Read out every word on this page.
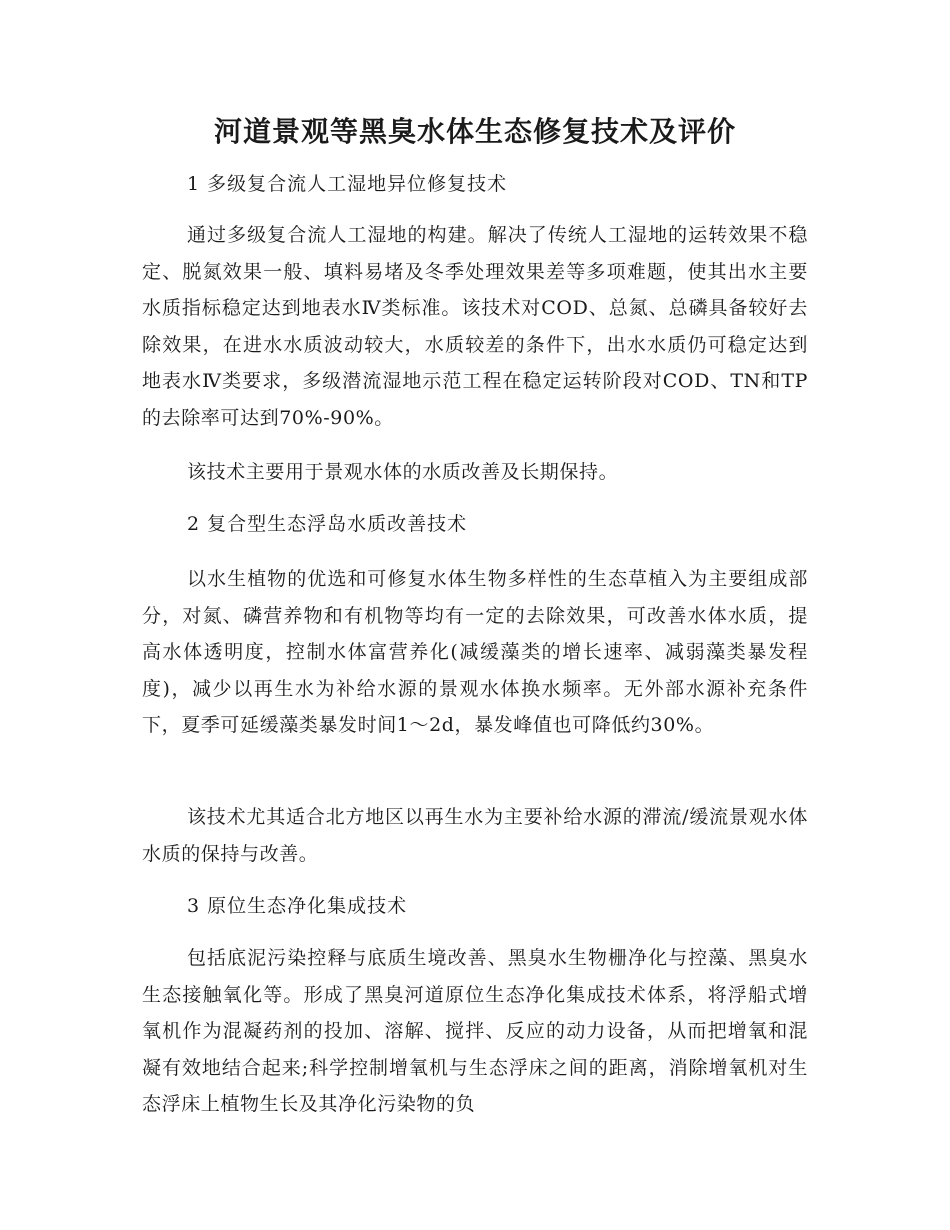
河道景观等黑臭水体生态修复技术及评价
1 多级复合流人工湿地异位修复技术

通过多级复合流人工湿地的构建。解决了传统人工湿地的运转效果不稳定、脱氮效果一般、填料易堵及冬季处理效果差等多项难题，使其出水主要水质指标稳定达到地表水Ⅳ类标准。该技术对COD、总氮、总磷具备较好去除效果，在进水水质波动较大，水质较差的条件下，出水水质仍可稳定达到地表水Ⅳ类要求，多级潜流湿地示范工程在稳定运转阶段对COD、TN和TP的去除率可达到70%-90%。

该技术主要用于景观水体的水质改善及长期保持。

2 复合型生态浮岛水质改善技术

以水生植物的优选和可修复水体生物多样性的生态草植入为主要组成部分，对氮、磷营养物和有机物等均有一定的去除效果，可改善水体水质，提高水体透明度，控制水体富营养化(减缓藻类的增长速率、减弱藻类暴发程度)，减少以再生水为补给水源的景观水体换水频率。无外部水源补充条件下，夏季可延缓藻类暴发时间1～2d，暴发峰值也可降低约30%。

该技术尤其适合北方地区以再生水为主要补给水源的滞流/缓流景观水体水质的保持与改善。

3 原位生态净化集成技术

包括底泥污染控释与底质生境改善、黑臭水生物栅净化与控藻、黑臭水生态接触氧化等。形成了黑臭河道原位生态净化集成技术体系，将浮船式增氧机作为混凝药剂的投加、溶解、搅拌、反应的动力设备，从而把增氧和混凝有效地结合起来;科学控制增氧机与生态浮床之间的距离，消除增氧机对生态浮床上植物生长及其净化污染物的负
